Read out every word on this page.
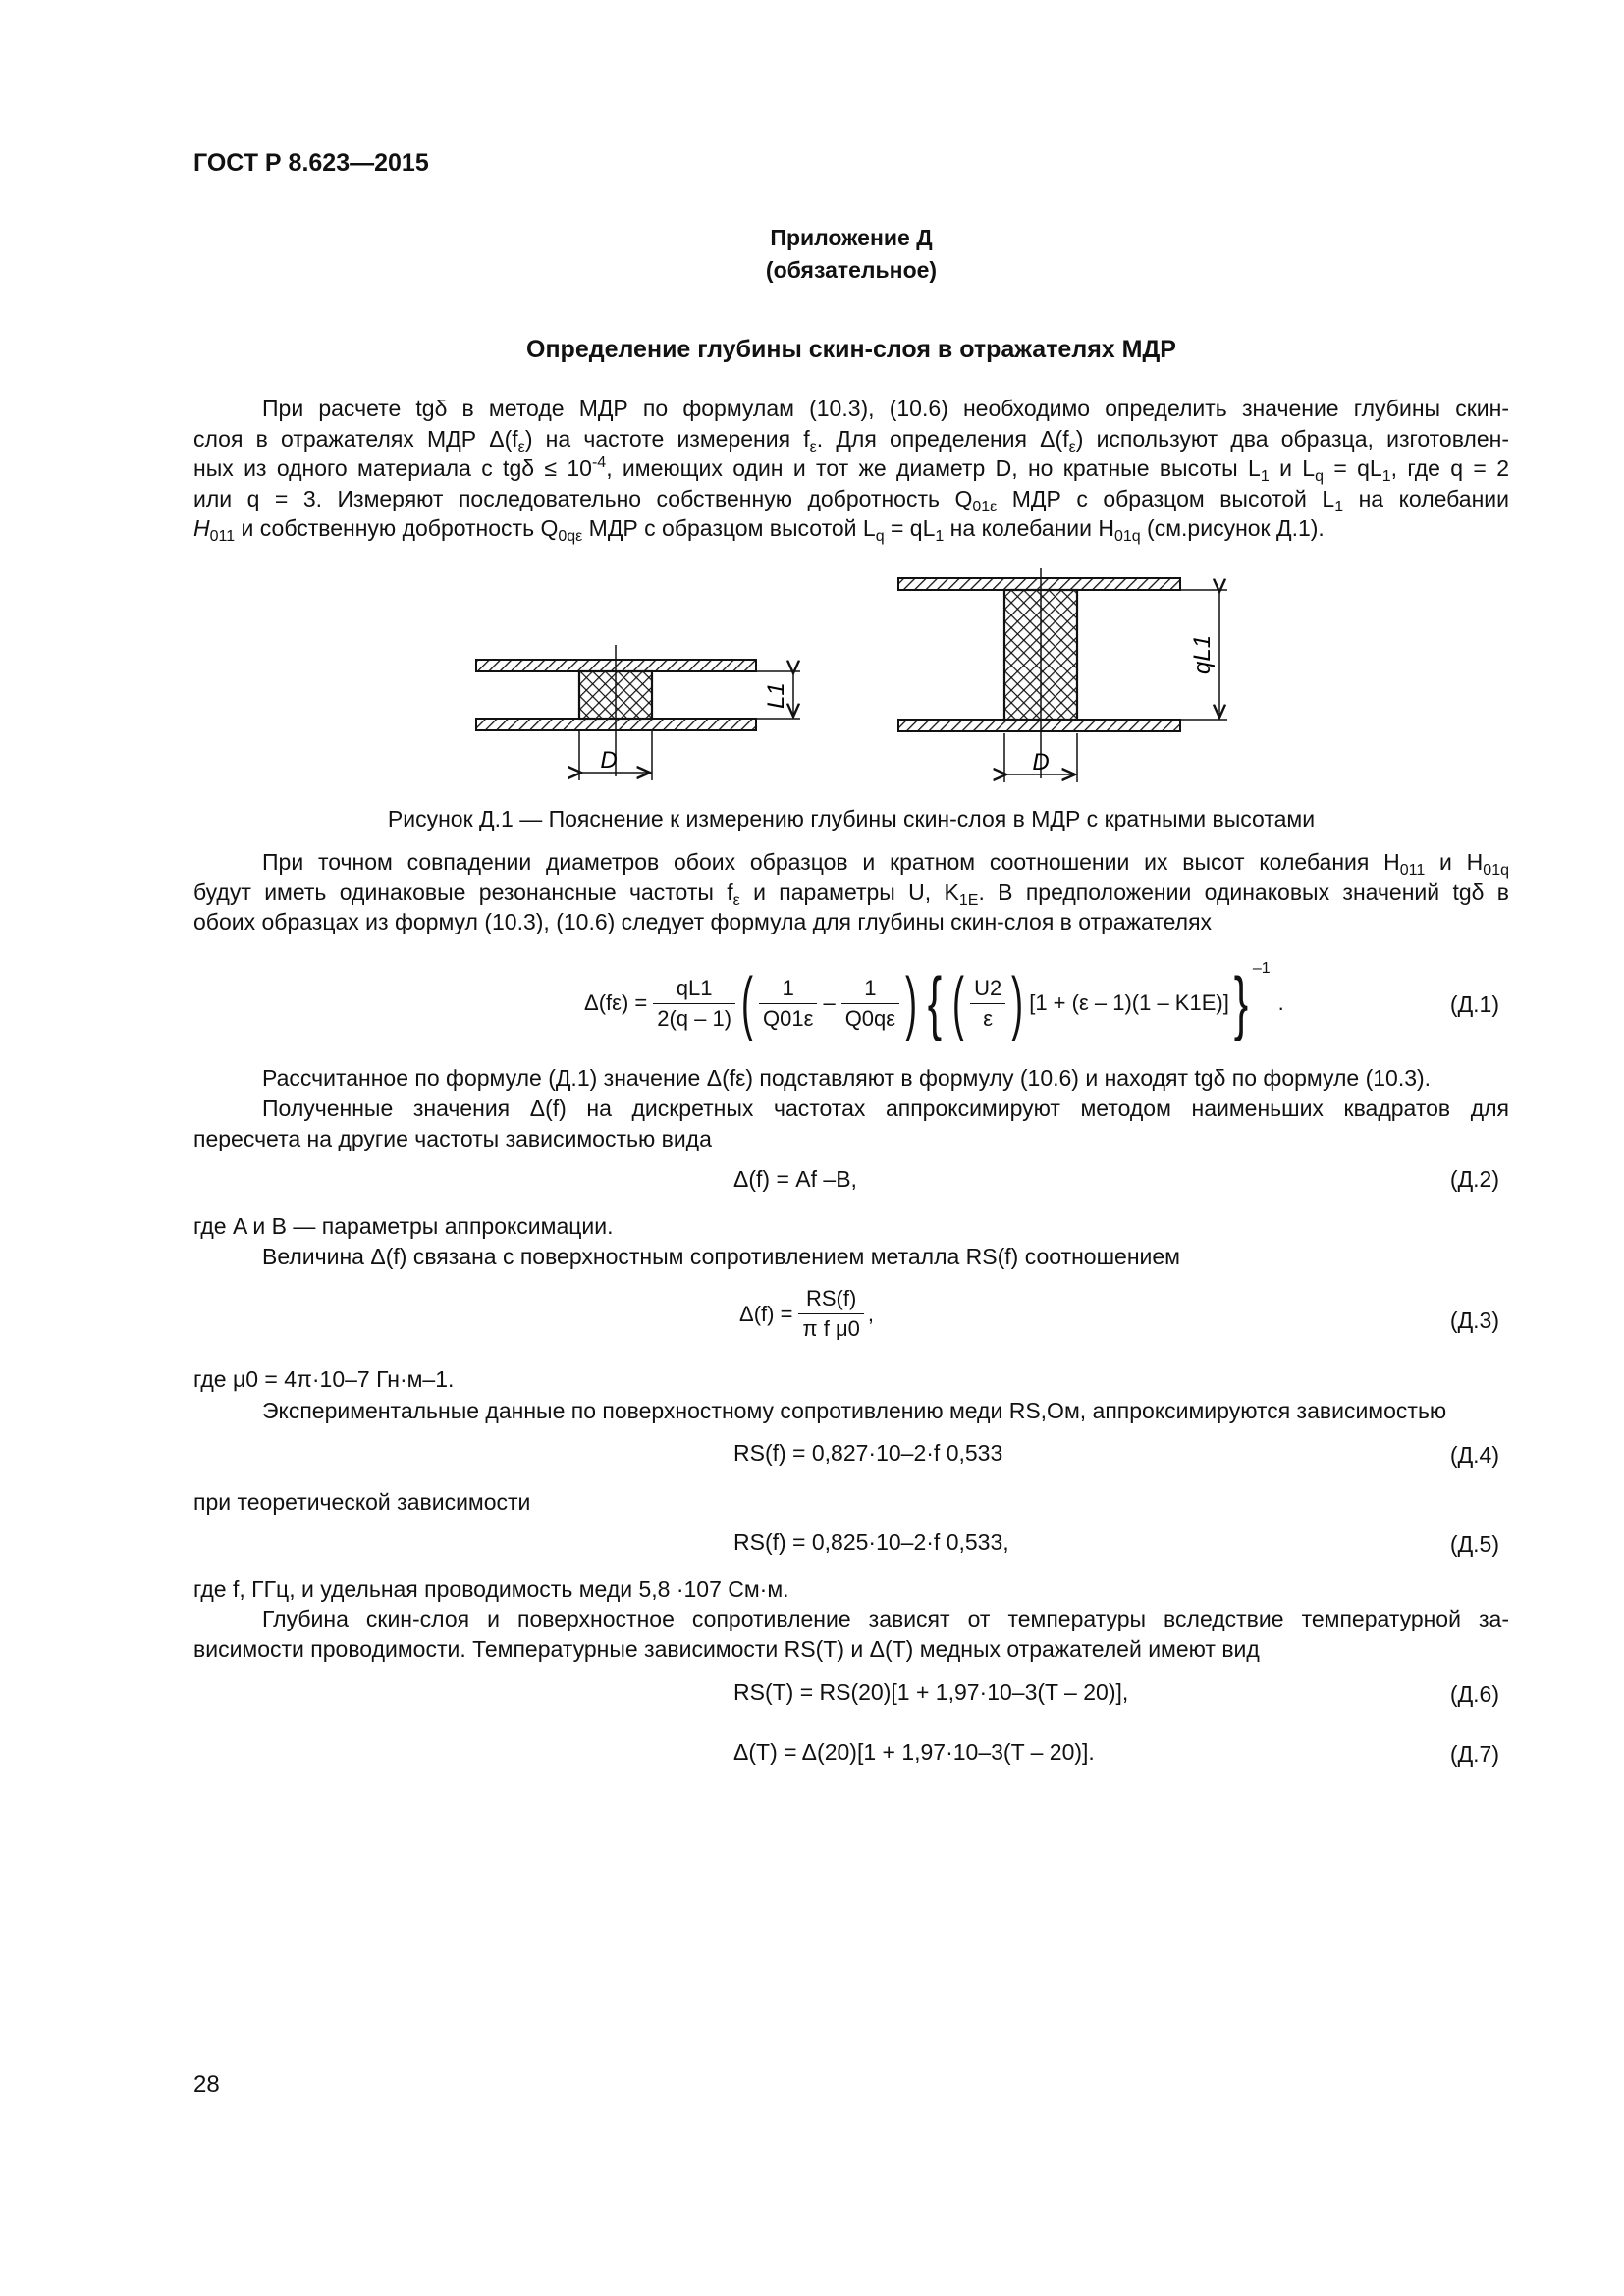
ГОСТ Р 8.623—2015
Приложение Д
(обязательное)
Определение глубины скин-слоя в отражателях МДР
При расчете tgδ в методе МДР по формулам (10.3), (10.6) необходимо определить значение глубины скин-
слоя в отражателях МДР $\Delta(f_\varepsilon)$ на частоте измерения $f_\varepsilon$. Для определения $\Delta(f_\varepsilon)$ используют два образца, изготовлен-
ных из одного материала с $tg\delta \le 10^{-4}$, имеющих один и тот же диаметр D, но кратные высоты $L_1$ и $L_q = qL_1$, где q = 2
или q = 3. Измеряют последовательно собственную добротность $Q_{01\varepsilon}$ МДР с образцом высотой $L_1$ на колебании
$H_{011}$ и собственную добротность $Q_{0q\varepsilon}$ МДР с образцом высотой $L_q = qL_1$ на колебании $H_{01q}$ (см.рисунок Д.1).
D
L1
D
qL1
Рисунок Д.1 — Пояснение к измерению глубины скин-слоя в МДР с кратными высотами
При точном совпадении диаметров обоих образцов и кратном соотношении их высот колебания $H_{011}$ и $H_{01q}$
будут иметь одинаковые резонансные частоты $f_\varepsilon$ и параметры U, $K_{1E}$. В предположении одинаковых значений tgδ в
обоих образцах из формул (10.3), (10.6) следует формула для глубины скин-слоя в отражателях
$\Delta(f\varepsilon) = \frac{qL1}{2(q - 1)}$ ( $\frac{1}{Q01\varepsilon} - \frac{1}{Q0q\varepsilon}$ ) { ( $\frac{U2}{\varepsilon}$ ) [1 + (ε – 1)(1 – K1E)] } –1
.	(Д.1)
Рассчитанное по формуле (Д.1) значение Δ(fε) подставляют в формулу (10.6) и находят tgδ по формуле (10.3).
Полученные значения Δ(f) на дискретных частотах аппроксимируют методом наименьших квадратов для
пересчета на другие частоты зависимостью вида
Δ(f) = Af –B,	(Д.2)
где A и B — параметры аппроксимации.
Величина Δ(f) связана с поверхностным сопротивлением металла RS(f) соотношением
$\Delta(f) = \frac{RS(f)}{\text{π f μ0}}$ ,	(Д.3)
где μ0 = 4π·10–7 Гн·м–1.
Экспериментальные данные по поверхностному сопротивлению меди RS,Ом, аппроксимируются зависимостью
RS(f) = 0,827·10–2·f 0,533	(Д.4)
при теоретической зависимости
RS(f) = 0,825·10–2·f 0,533,	(Д.5)
где f, ГГц, и удельная проводимость меди 5,8 ·107 См·м.
Глубина скин-слоя и поверхностное сопротивление зависят от температуры вследствие температурной за-
висимости проводимости. Температурные зависимости RS(T) и Δ(T) медных отражателей имеют вид
RS(T) = RS(20)[1 + 1,97·10–3(T – 20)],	(Д.6)
Δ(T) = Δ(20)[1 + 1,97·10–3(T – 20)].	(Д.7)
28
